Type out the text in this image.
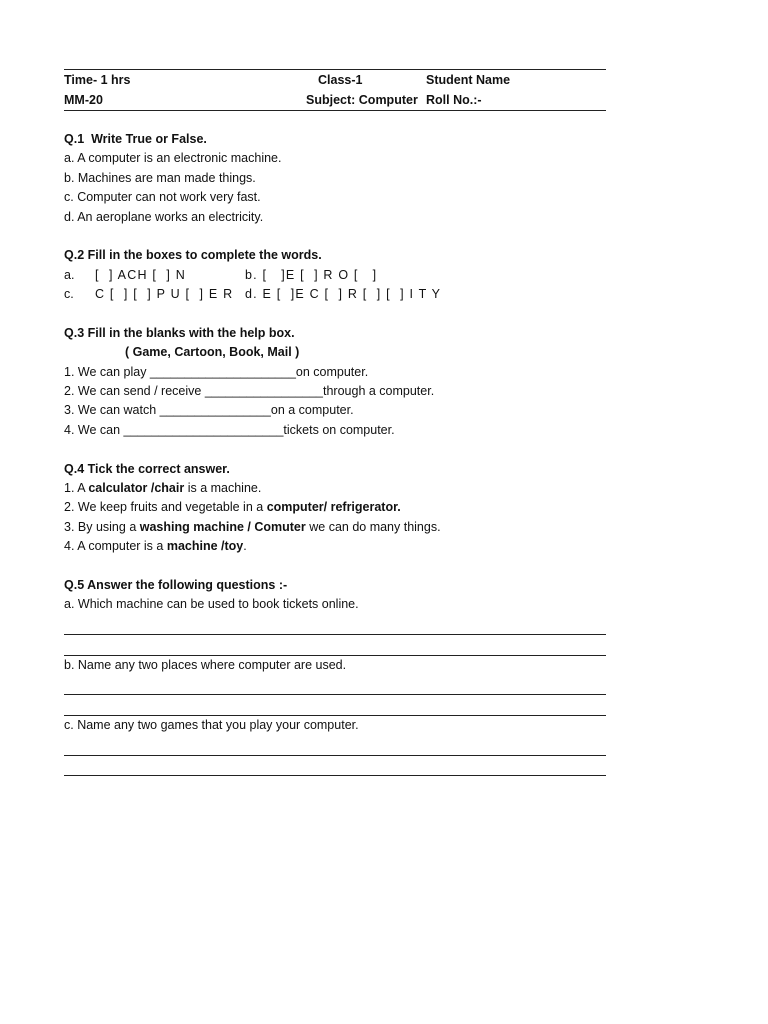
Time- 1 hrs	Class-1	Student Name
MM-20	Subject: Computer Roll No.:-
Q.1  Write True or False.
a. A computer is an electronic machine.
b. Machines are man made things.
c. Computer can not work very fast.
d. An aeroplane works an electricity.
Q.2 Fill in the boxes to complete the words.
a. [  ] ACH [  ] N	b. [   ]E [  ] R O [   ]
c. C [  ] [  ] P U [  ] E R d. E [  ]E C [  ] R [  ] [  ] I T Y
Q.3 Fill in the blanks with the help box.
( Game, Cartoon, Book, Mail )
1. We can play _____________________on computer.
2. We can send / receive _________________through a computer.
3. We can watch ________________on a computer.
4. We can _______________________tickets on computer.
Q.4 Tick the correct answer.
1. A calculator /chair is a machine.
2. We keep fruits and vegetable in a computer/ refrigerator.
3. By using a washing machine / Comuter we can do many things.
4. A computer is a machine /toy.
Q.5 Answer the following questions :-
a. Which machine can be used to book tickets online.
b. Name any two places where computer are used.
c. Name any two games that you play your computer.
